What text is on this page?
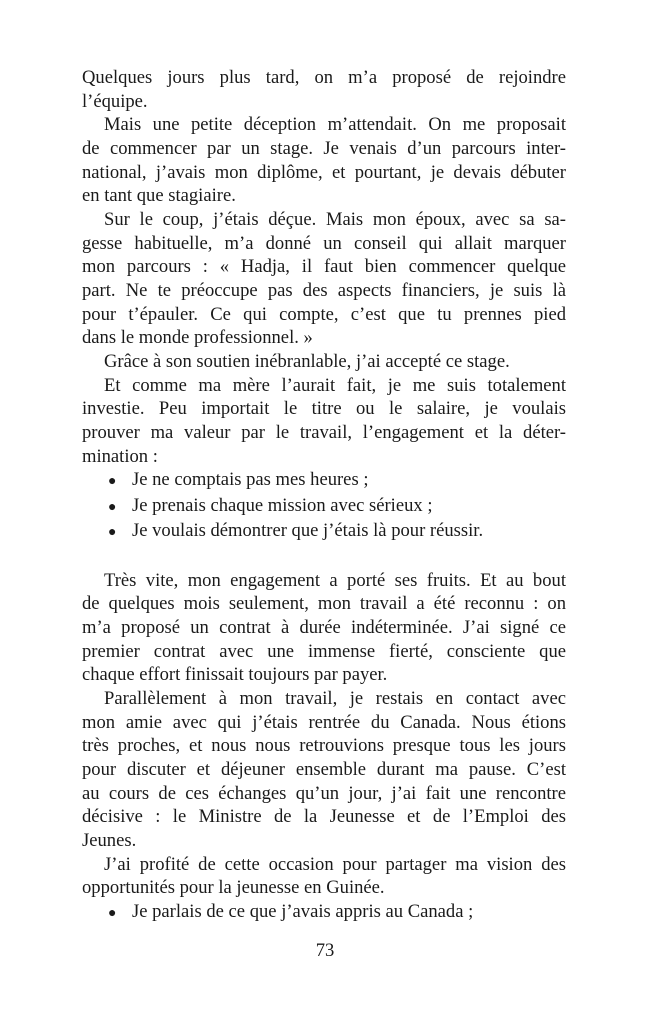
Quelques jours plus tard, on m’a proposé de rejoindre

l’équipe.

Mais une petite déception m’attendait. On me proposait

de commencer par un stage. Je venais d’un parcours inter-

national, j’avais mon diplôme, et pourtant, je devais débuter

en tant que stagiaire.

Sur le coup, j’étais déçue. Mais mon époux, avec sa sa-

gesse habituelle, m’a donné un conseil qui allait marquer

mon parcours : « Hadja, il faut bien commencer quelque

part. Ne te préoccupe pas des aspects financiers, je suis là

pour t’épauler. Ce qui compte, c’est que tu prennes pied

dans le monde professionnel. »

Grâce à son soutien inébranlable, j’ai accepté ce stage.

Et comme ma mère l’aurait fait, je me suis totalement

investie. Peu importait le titre ou le salaire, je voulais

prouver ma valeur par le travail, l’engagement et la déter-

mination :

● Je ne comptais pas mes heures ;
● Je prenais chaque mission avec sérieux ;
● Je voulais démontrer que j’étais là pour réussir.

Très vite, mon engagement a porté ses fruits. Et au bout

de quelques mois seulement, mon travail a été reconnu : on

m’a proposé un contrat à durée indéterminée. J’ai signé ce

premier contrat avec une immense fierté, consciente que

chaque effort finissait toujours par payer.

Parallèlement à mon travail, je restais en contact avec

mon amie avec qui j’étais rentrée du Canada. Nous étions

très proches, et nous nous retrouvions presque tous les jours

pour discuter et déjeuner ensemble durant ma pause. C’est

au cours de ces échanges qu’un jour, j’ai fait une rencontre

décisive : le Ministre de la Jeunesse et de l’Emploi des

Jeunes.

J’ai profité de cette occasion pour partager ma vision des

opportunités pour la jeunesse en Guinée.

● Je parlais de ce que j’avais appris au Canada ;
73
